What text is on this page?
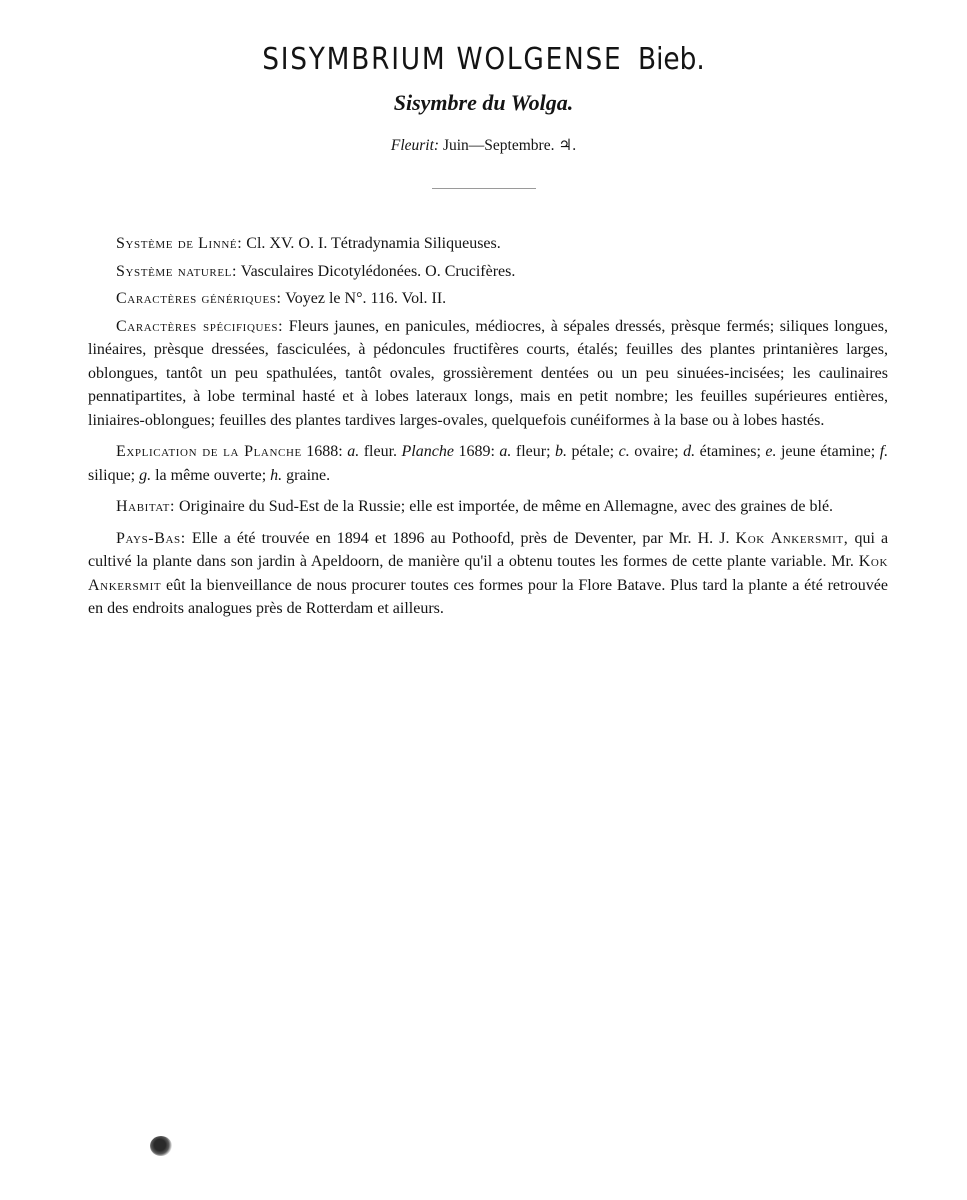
SISYMBRIUM WOLGENSE Bieb.
Sisymbre du Wolga.
Fleurit: Juin—Septembre. ♃.

Système de Linné: Cl. XV. O. I. Tétradynamia Siliqueuses.

Système naturel: Vasculaires Dicotylédonées. O. Crucifères.

Caractères génériques: Voyez le N°. 116. Vol. II.

Caractères spécifiques: Fleurs jaunes, en panicules, médiocres, à sépales dressés, prèsque fermés; siliques longues, linéaires, prèsque dressées, fasciculées, à pédoncules fructifères courts, étalés; feuilles des plantes printanières larges, oblongues, tantôt un peu spathulées, tantôt ovales, grossièrement dentées ou un peu sinuées-incisées; les caulinaires pennatipartites, à lobe terminal hasté et à lobes lateraux longs, mais en petit nombre; les feuilles supérieures entières, liniaires-oblongues; feuilles des plantes tardives larges-ovales, quelquefois cunéiformes à la base ou à lobes hastés.

Explication de la Planche 1688: a. fleur. Planche 1689: a. fleur; b. pétale; c. ovaire; d. étamines; e. jeune étamine; f. silique; g. la même ouverte; h. graine.

Habitat: Originaire du Sud-Est de la Russie; elle est importée, de même en Allemagne, avec des graines de blé.

Pays-Bas: Elle a été trouvée en 1894 et 1896 au Pothoofd, près de Deventer, par Mr. H. J. Kok Ankersmit, qui a cultivé la plante dans son jardin à Apeldoorn, de manière qu'il a obtenu toutes les formes de cette plante variable. Mr. Kok Ankersmit eût la bienveillance de nous procurer toutes ces formes pour la Flore Batave. Plus tard la plante a été retrouvée en des endroits analogues près de Rotterdam et ailleurs.
